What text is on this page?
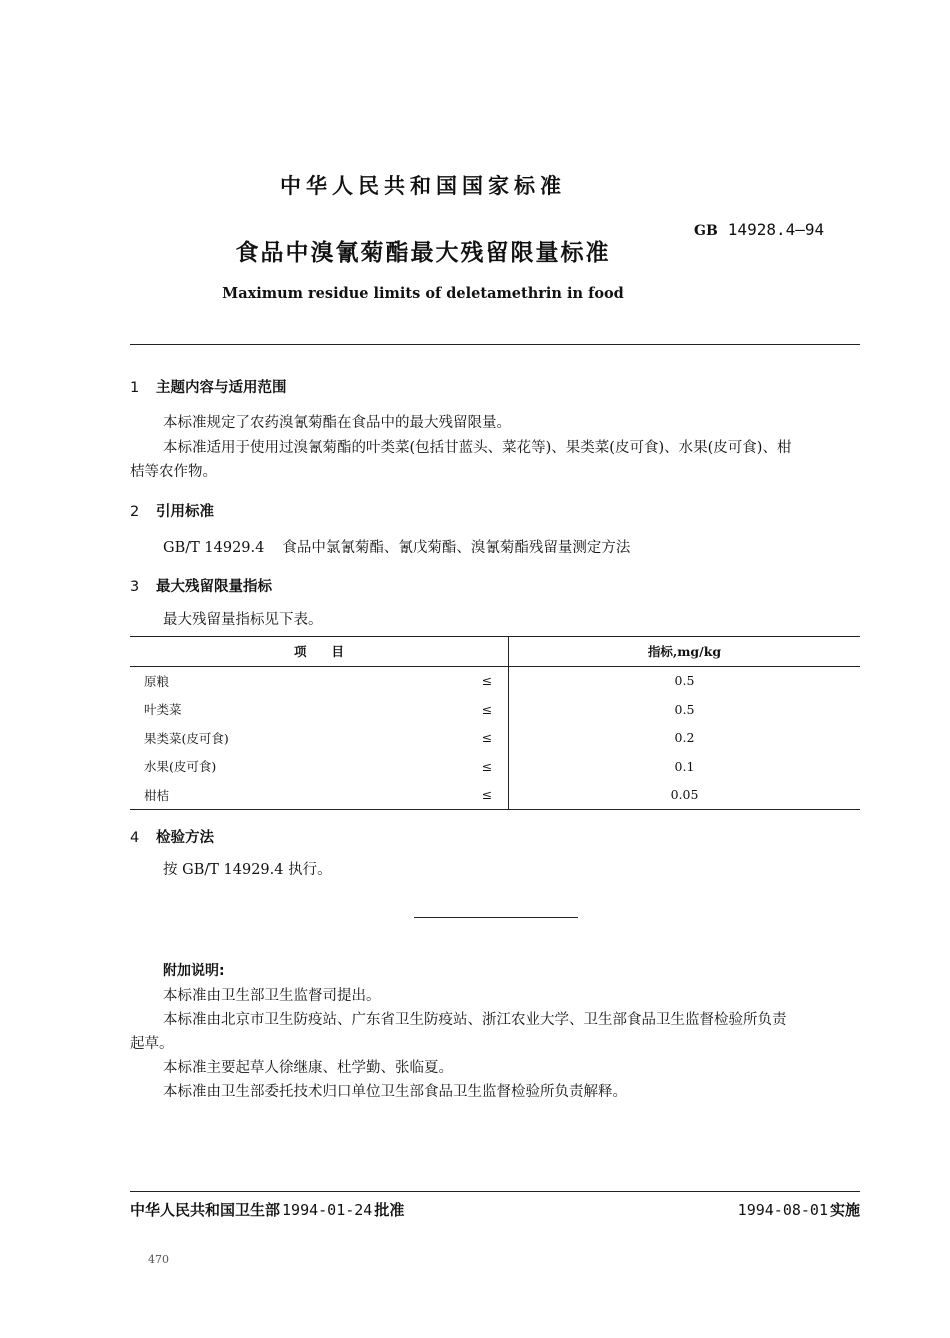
中华人民共和国国家标准
食品中溴氰菊酯最大残留限量标准
GB 14928.4—94
Maximum residue limits of deletamethrin in food
1 主题内容与适用范围
本标准规定了农药溴氰菊酯在食品中的最大残留限量。
本标准适用于使用过溴氰菊酯的叶类菜(包括甘蓝头、菜花等)、果类菜(皮可食)、水果(皮可食)、柑
桔等农作物。
2 引用标准
GB/T 14929.4 食品中氯氰菊酯、氰戊菊酯、溴氰菊酯残留量测定方法
3 最大残留限量指标
最大残留量指标见下表。
项　　目		指标,mg/kg
原粮	≤	0.5
叶类菜	≤	0.5
果类菜(皮可食)	≤	0.2
水果(皮可食)	≤	0.1
柑桔	≤	0.05
4 检验方法
按 GB/T 14929.4 执行。
附加说明:
本标准由卫生部卫生监督司提出。
本标准由北京市卫生防疫站、广东省卫生防疫站、浙江农业大学、卫生部食品卫生监督检验所负责
起草。
本标准主要起草人徐继康、杜学勤、张临夏。
本标准由卫生部委托技术归口单位卫生部食品卫生监督检验所负责解释。
中华人民共和国卫生部 1994-01-24 批准	1994-08-01 实施
470
